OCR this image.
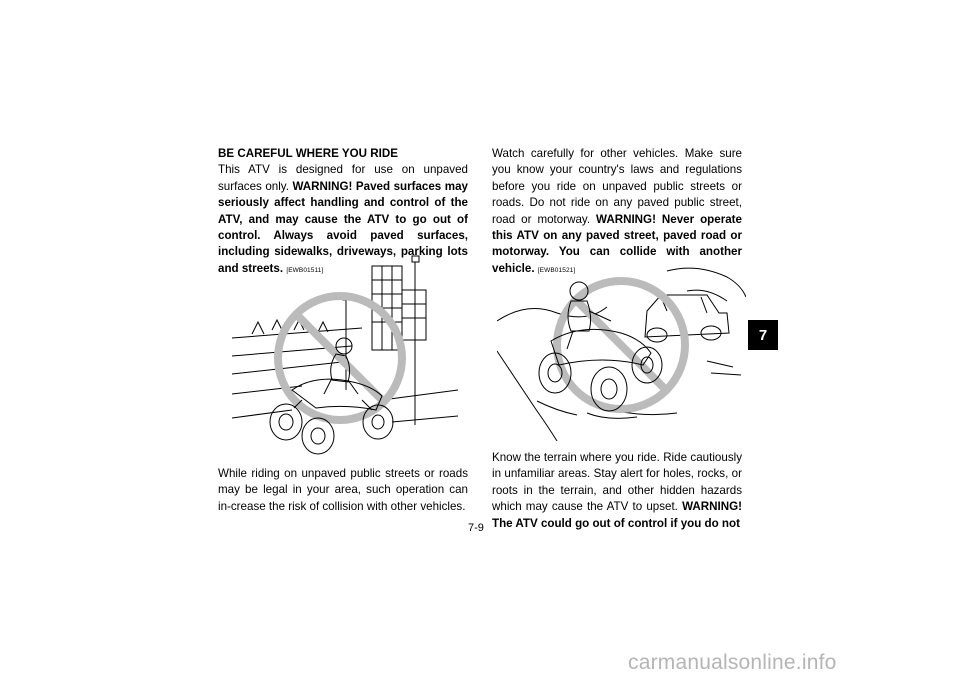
BE CAREFUL WHERE YOU RIDE
This ATV is designed for use on unpaved surfaces only. WARNING! Paved surfaces may seriously affect handling and control of the ATV, and may cause the ATV to go out of control. Always avoid paved surfaces, including sidewalks, driveways, parking lots and streets. [EWB01511]

While riding on unpaved public streets or roads may be legal in your area, such operation can in-crease the risk of collision with other vehicles.

Watch carefully for other vehicles. Make sure you know your country's laws and regulations before you ride on unpaved public streets or roads. Do not ride on any paved public street, road or motorway. WARNING! Never operate this ATV on any paved street, paved road or motorway. You can collide with another vehicle. [EWB01521]

Know the terrain where you ride. Ride cautiously in unfamiliar areas. Stay alert for holes, rocks, or roots in the terrain, and other hidden hazards which may cause the ATV to upset. WARNING! The ATV could go out of control if you do not

7
7-9
carmanualsonline.info
